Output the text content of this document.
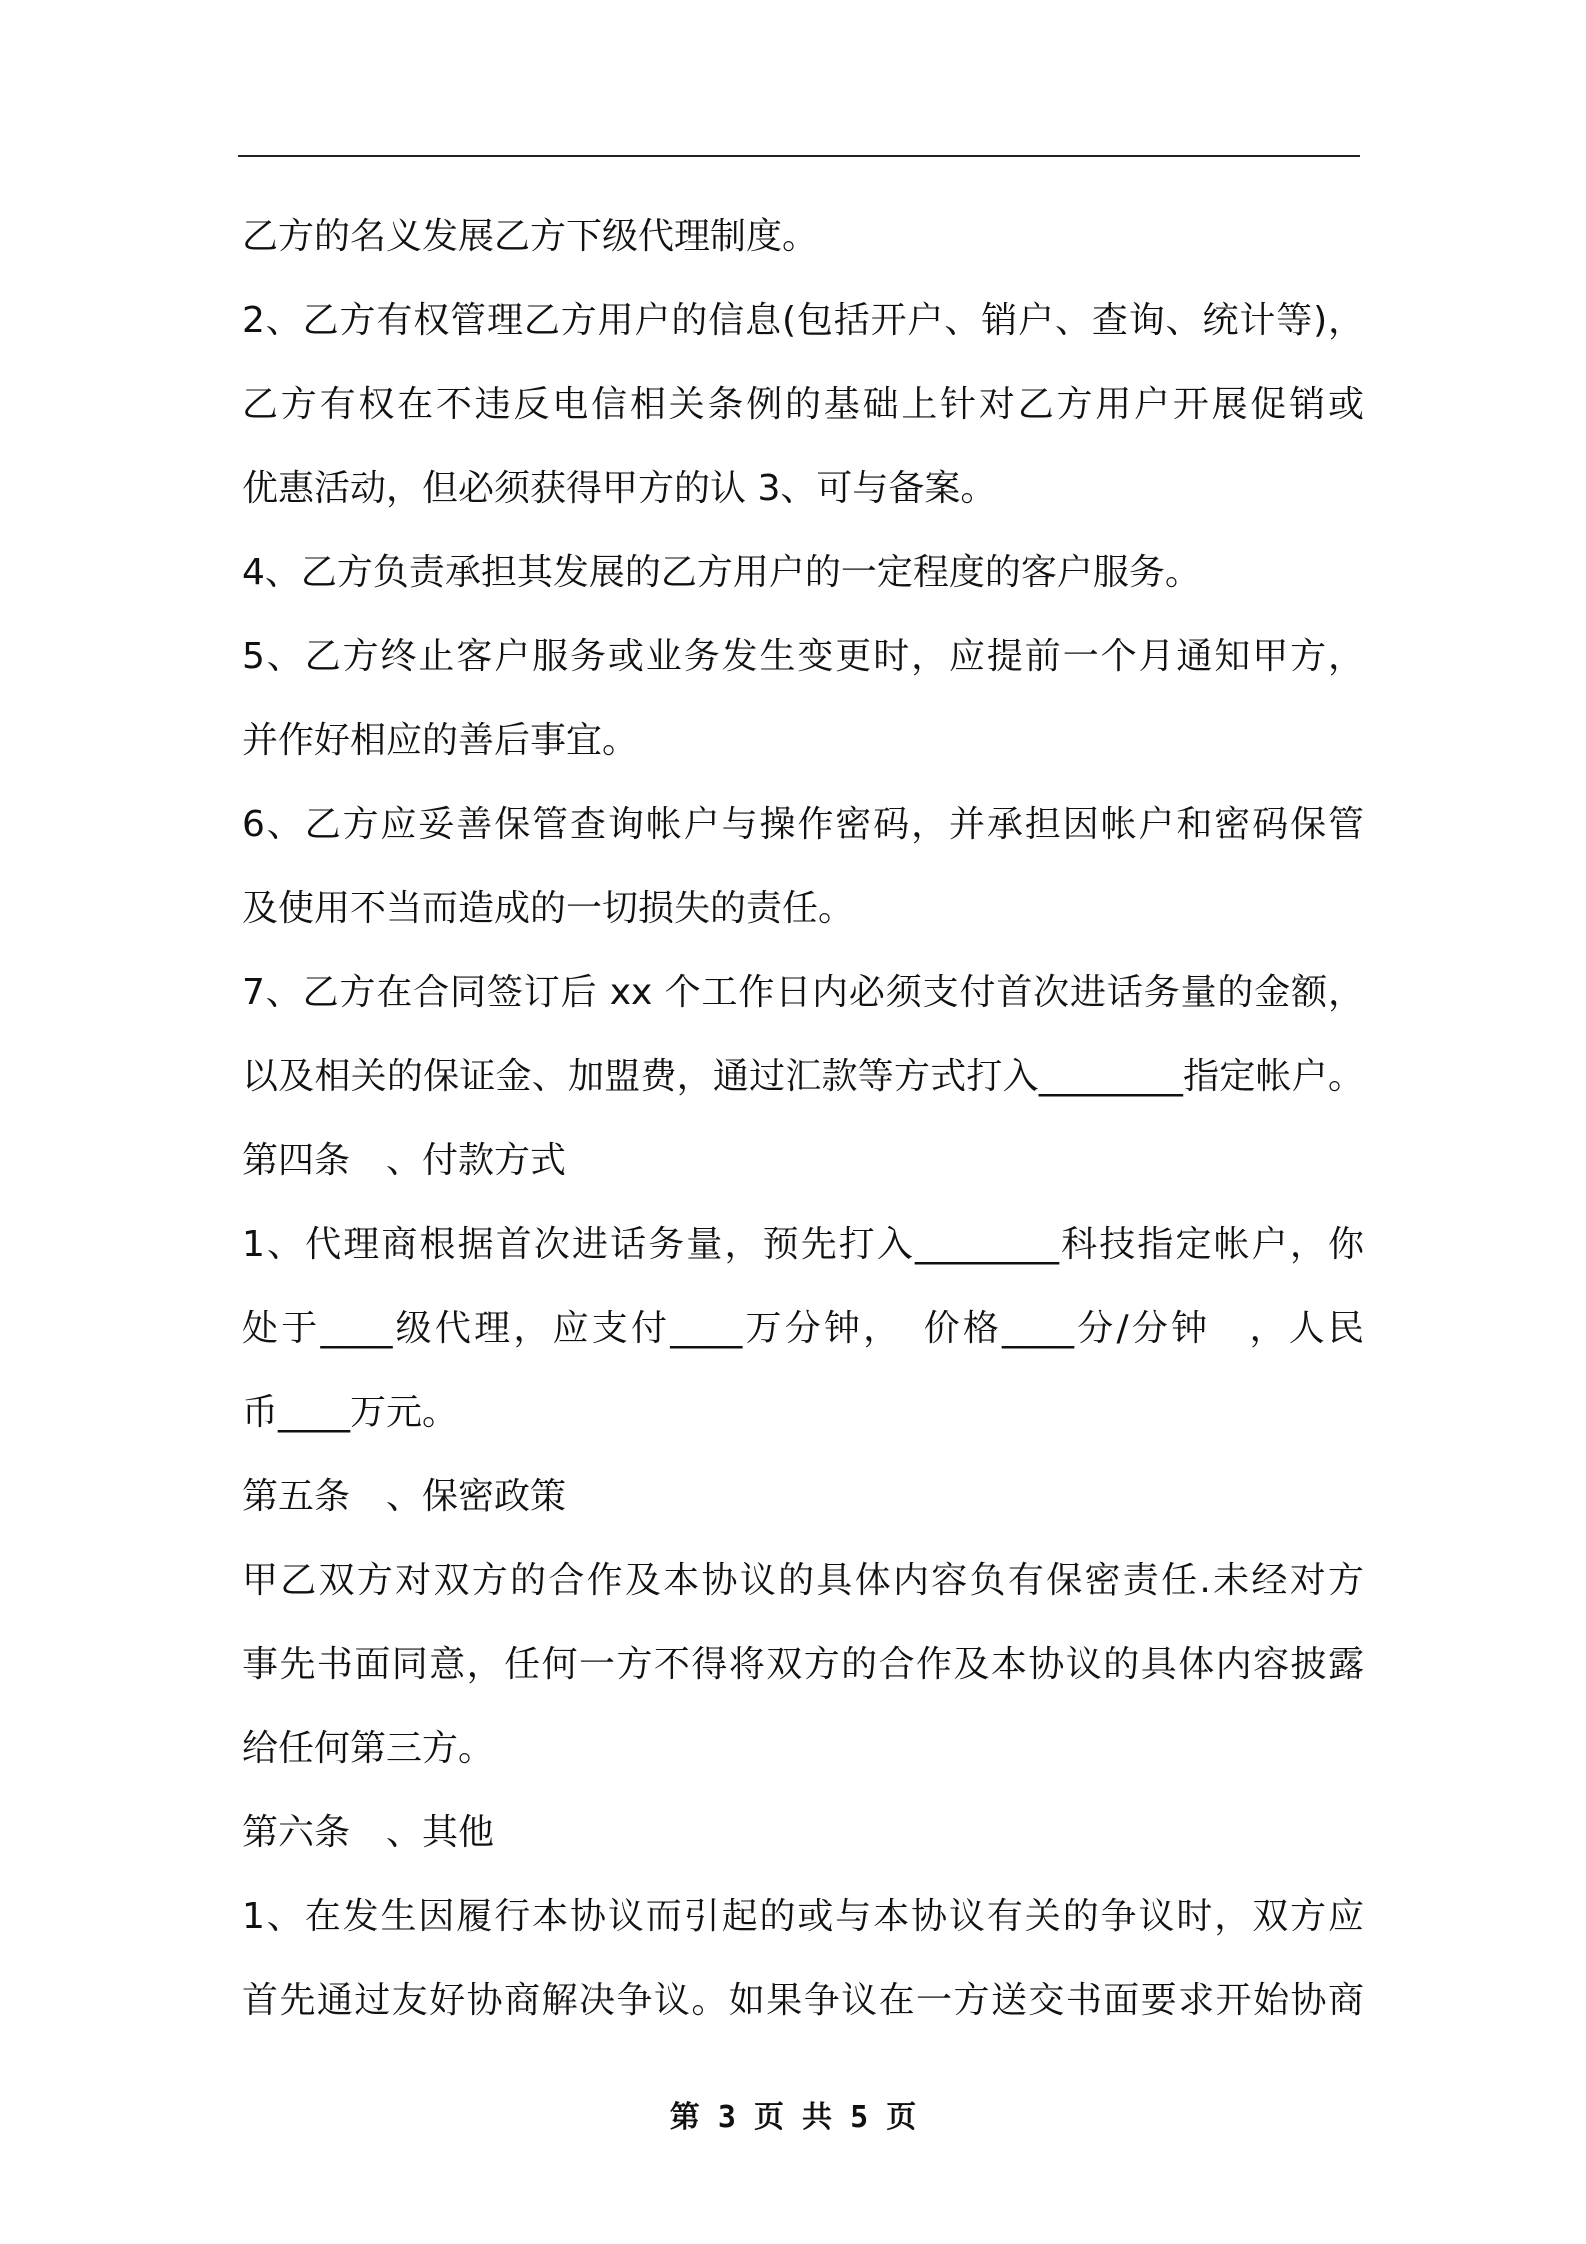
乙方的名义发展乙方下级代理制度。
2、乙方有权管理乙方用户的信息(包括开户、销户、查询、统计等)，
乙方有权在不违反电信相关条例的基础上针对乙方用户开展促销或
优惠活动，但必须获得甲方的认 3、可与备案。
4、乙方负责承担其发展的乙方用户的一定程度的客户服务。
5、乙方终止客户服务或业务发生变更时，应提前一个月通知甲方，
并作好相应的善后事宜。
6、乙方应妥善保管查询帐户与操作密码，并承担因帐户和密码保管
及使用不当而造成的一切损失的责任。
7、乙方在合同签订后 xx 个工作日内必须支付首次进话务量的金额，
以及相关的保证金、加盟费，通过汇款等方式打入________指定帐户。
第四条　、付款方式
1、代理商根据首次进话务量，预先打入________科技指定帐户，你
处于____级代理，应支付____万分钟，　价格____分/分钟　，人民
币____万元。
第五条　、保密政策
甲乙双方对双方的合作及本协议的具体内容负有保密责任.未经对方
事先书面同意，任何一方不得将双方的合作及本协议的具体内容披露
给任何第三方。
第六条　、其他
1、在发生因履行本协议而引起的或与本协议有关的争议时，双方应
首先通过友好协商解决争议。如果争议在一方送交书面要求开始协商
第 3 页 共 5 页
